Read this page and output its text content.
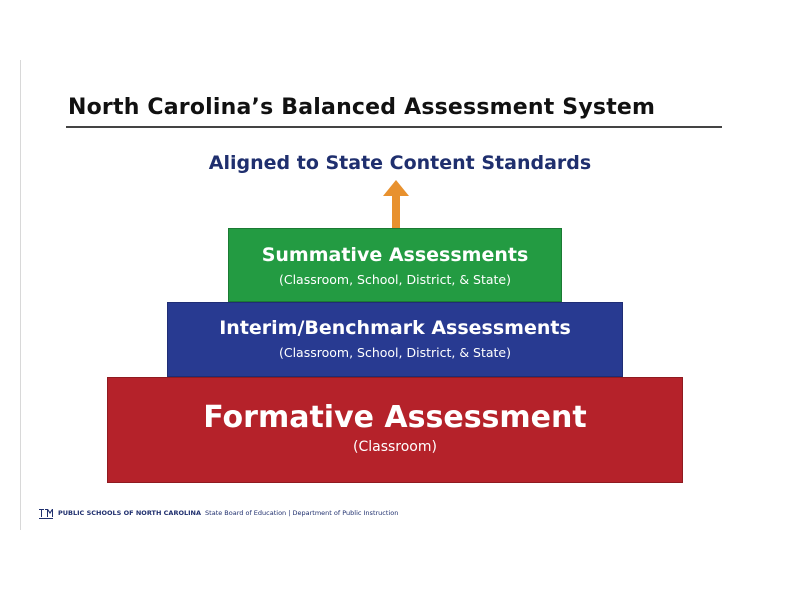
North Carolina’s Balanced Assessment System
Aligned to State Content Standards
Summative Assessments
(Classroom, School, District, & State)
Interim/Benchmark Assessments
(Classroom, School, District, & State)
Formative Assessment
(Classroom)
PUBLIC SCHOOLS OF NORTH CAROLINA State Board of Education | Department of Public Instruction
